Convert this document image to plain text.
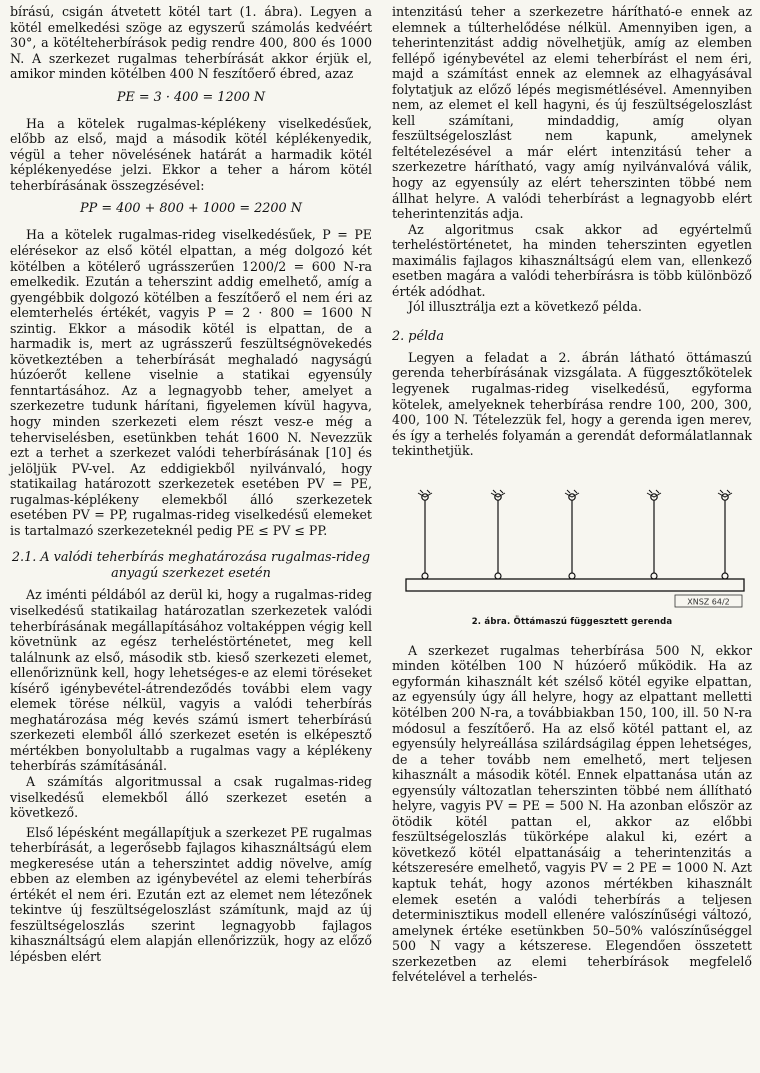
bírású, csigán átvetett kötél tart (1. ábra). Legyen a kötél emelkedési szöge az egyszerű számolás kedvéért 30°, a kötélteherbírások pedig rendre 400, 800 és 1000 N. A szerkezet rugalmas teherbírását akkor érjük el, amikor minden kötélben 400 N feszítőerő ébred, azaz

PE = 3 · 400 = 1200 N

Ha a kötelek rugalmas-képlékeny viselkedésűek, előbb az első, majd a második kötél képlékenyedik, végül a teher növelésének határát a harmadik kötél képlékenyedése jelzi. Ekkor a teher a három kötél teherbírásának összegzésével:

PP = 400 + 800 + 1000 = 2200 N

Ha a kötelek rugalmas-rideg viselkedésűek, P = PE elérésekor az első kötél elpattan, a még dolgozó két kötélben a kötélerő ugrásszerűen 1200/2 = 600 N-ra emelkedik. Ezután a teherszint addig emelhető, amíg a gyengébbik dolgozó kötélben a feszítőerő el nem éri az elemterhelés értékét, vagyis P = 2 · 800 = 1600 N szintig. Ekkor a második kötél is elpattan, de a harmadik is, mert az ugrásszerű feszültségnövekedés következtében a teherbírását meghaladó nagyságú húzóerőt kellene viselnie a statikai egyensúly fenntartásához. Az a legnagyobb teher, amelyet a szerkezetre tudunk hárítani, figyelemen kívül hagyva, hogy minden szerkezeti elem részt vesz-e még a teherviselésben, esetünkben tehát 1600 N. Nevezzük ezt a terhet a szerkezet valódi teherbírásának [10] és jelöljük PV-vel. Az eddigiekből nyilvánvaló, hogy statikailag határozott szerkezetek esetében PV = PE, rugalmas-képlékeny elemekből álló szerkezetek esetében PV = PP, rugalmas-rideg viselkedésű elemeket is tartalmazó szerkezeteknél pedig PE ≤ PV ≤ PP.

2.1. A valódi teherbírás meghatározása rugalmas-rideg anyagú szerkezet esetén

Az iménti példából az derül ki, hogy a rugalmas-rideg viselkedésű statikailag határozatlan szerkezetek valódi teherbírásának megállapításához voltaképpen végig kell követnünk az egész terheléstörténetet, meg kell találnunk az első, második stb. kieső szerkezeti elemet, ellenőriznünk kell, hogy lehetséges-e az elemi töréseket kísérő igénybevétel-átrendeződés további elem vagy elemek törése nélkül, vagyis a valódi teherbírás meghatározása még kevés számú ismert teherbírású szerkezeti elemből álló szerkezet esetén is elképesztő mértékben bonyolultabb a rugalmas vagy a képlékeny teherbírás számításánál.

A számítás algoritmussal a csak rugalmas-rideg viselkedésű elemekből álló szerkezet esetén a következő.

Első lépésként megállapítjuk a szerkezet PE rugalmas teherbírását, a legerősebb fajlagos kihasználtságú elem megkeresése után a teherszintet addig növelve, amíg ebben az elemben az igénybevétel az elemi teherbírás értékét el nem éri. Ezután ezt az elemet nem létezőnek tekintve új feszültségeloszlást számítunk, majd az új feszültségeloszlás szerint legnagyobb fajlagos kihasználtságú elem alapján ellenőrizzük, hogy az előző lépésben elért

intenzitású teher a szerkezetre hárítható-e ennek az elemnek a túlterhelődése nélkül. Amennyiben igen, a teherintenzitást addig növelhetjük, amíg az elemben fellépő igénybevétel az elemi teherbírást el nem éri, majd a számítást ennek az elemnek az elhagyásával folytatjuk az előző lépés megismétlésével. Amennyiben nem, az elemet el kell hagyni, és új feszültségeloszlást kell számítani, mindaddig, amíg olyan feszültségeloszlást nem kapunk, amelynek feltételezésével a már elért intenzitású teher a szerkezetre hárítható, vagy amíg nyilvánvalóvá válik, hogy az egyensúly az elért teherszinten többé nem állhat helyre. A valódi teherbírást a legnagyobb elért teherintenzitás adja.

Az algoritmus csak akkor ad egyértelmű terheléstörténetet, ha minden teherszinten egyetlen maximális fajlagos kihasználtságú elem van, ellenkező esetben magára a valódi teherbírásra is több különböző érték adódhat.

Jól illusztrálja ezt a következő példa.

2. példa

Legyen a feladat a 2. ábrán látható öttámaszú gerenda teherbírásának vizsgálata. A függesztőkötelek legyenek rugalmas-rideg viselkedésű, egyforma kötelek, amelyeknek teherbírása rendre 100, 200, 300, 400, 100 N. Tételezzük fel, hogy a gerenda igen merev, és így a terhelés folyamán a gerendát deformálatlannak tekinthetjük.

XNSZ 64/2
2. ábra. Öttámaszú függesztett gerenda

A szerkezet rugalmas teherbírása 500 N, ekkor minden kötélben 100 N húzóerő működik. Ha az egyformán kihasznált két szélső kötél egyike elpattan, az egyensúly úgy áll helyre, hogy az elpattant melletti kötélben 200 N-ra, a továbbiakban 150, 100, ill. 50 N-ra módosul a feszítőerő. Ha az első kötél pattant el, az egyensúly helyreállása szilárdságilag éppen lehetséges, de a teher tovább nem emelhető, mert teljesen kihasznált a második kötél. Ennek elpattanása után az egyensúly változatlan teherszinten többé nem állítható helyre, vagyis PV = PE = 500 N. Ha azonban először az ötödik kötél pattan el, akkor az előbbi feszültségeloszlás tükörképe alakul ki, ezért a következő kötél elpattanásáig a teherintenzitás a kétszeresére emelhető, vagyis PV = 2 PE = 1000 N. Azt kaptuk tehát, hogy azonos mértékben kihasznált elemek esetén a valódi teherbírás a teljesen determinisztikus modell ellenére valószínűségi változó, amelynek értéke esetünkben 50–50% valószínűséggel 500 N vagy a kétszerese. Elegendően összetett szerkezetben az elemi teherbírások megfelelő felvételével a terhelés-
